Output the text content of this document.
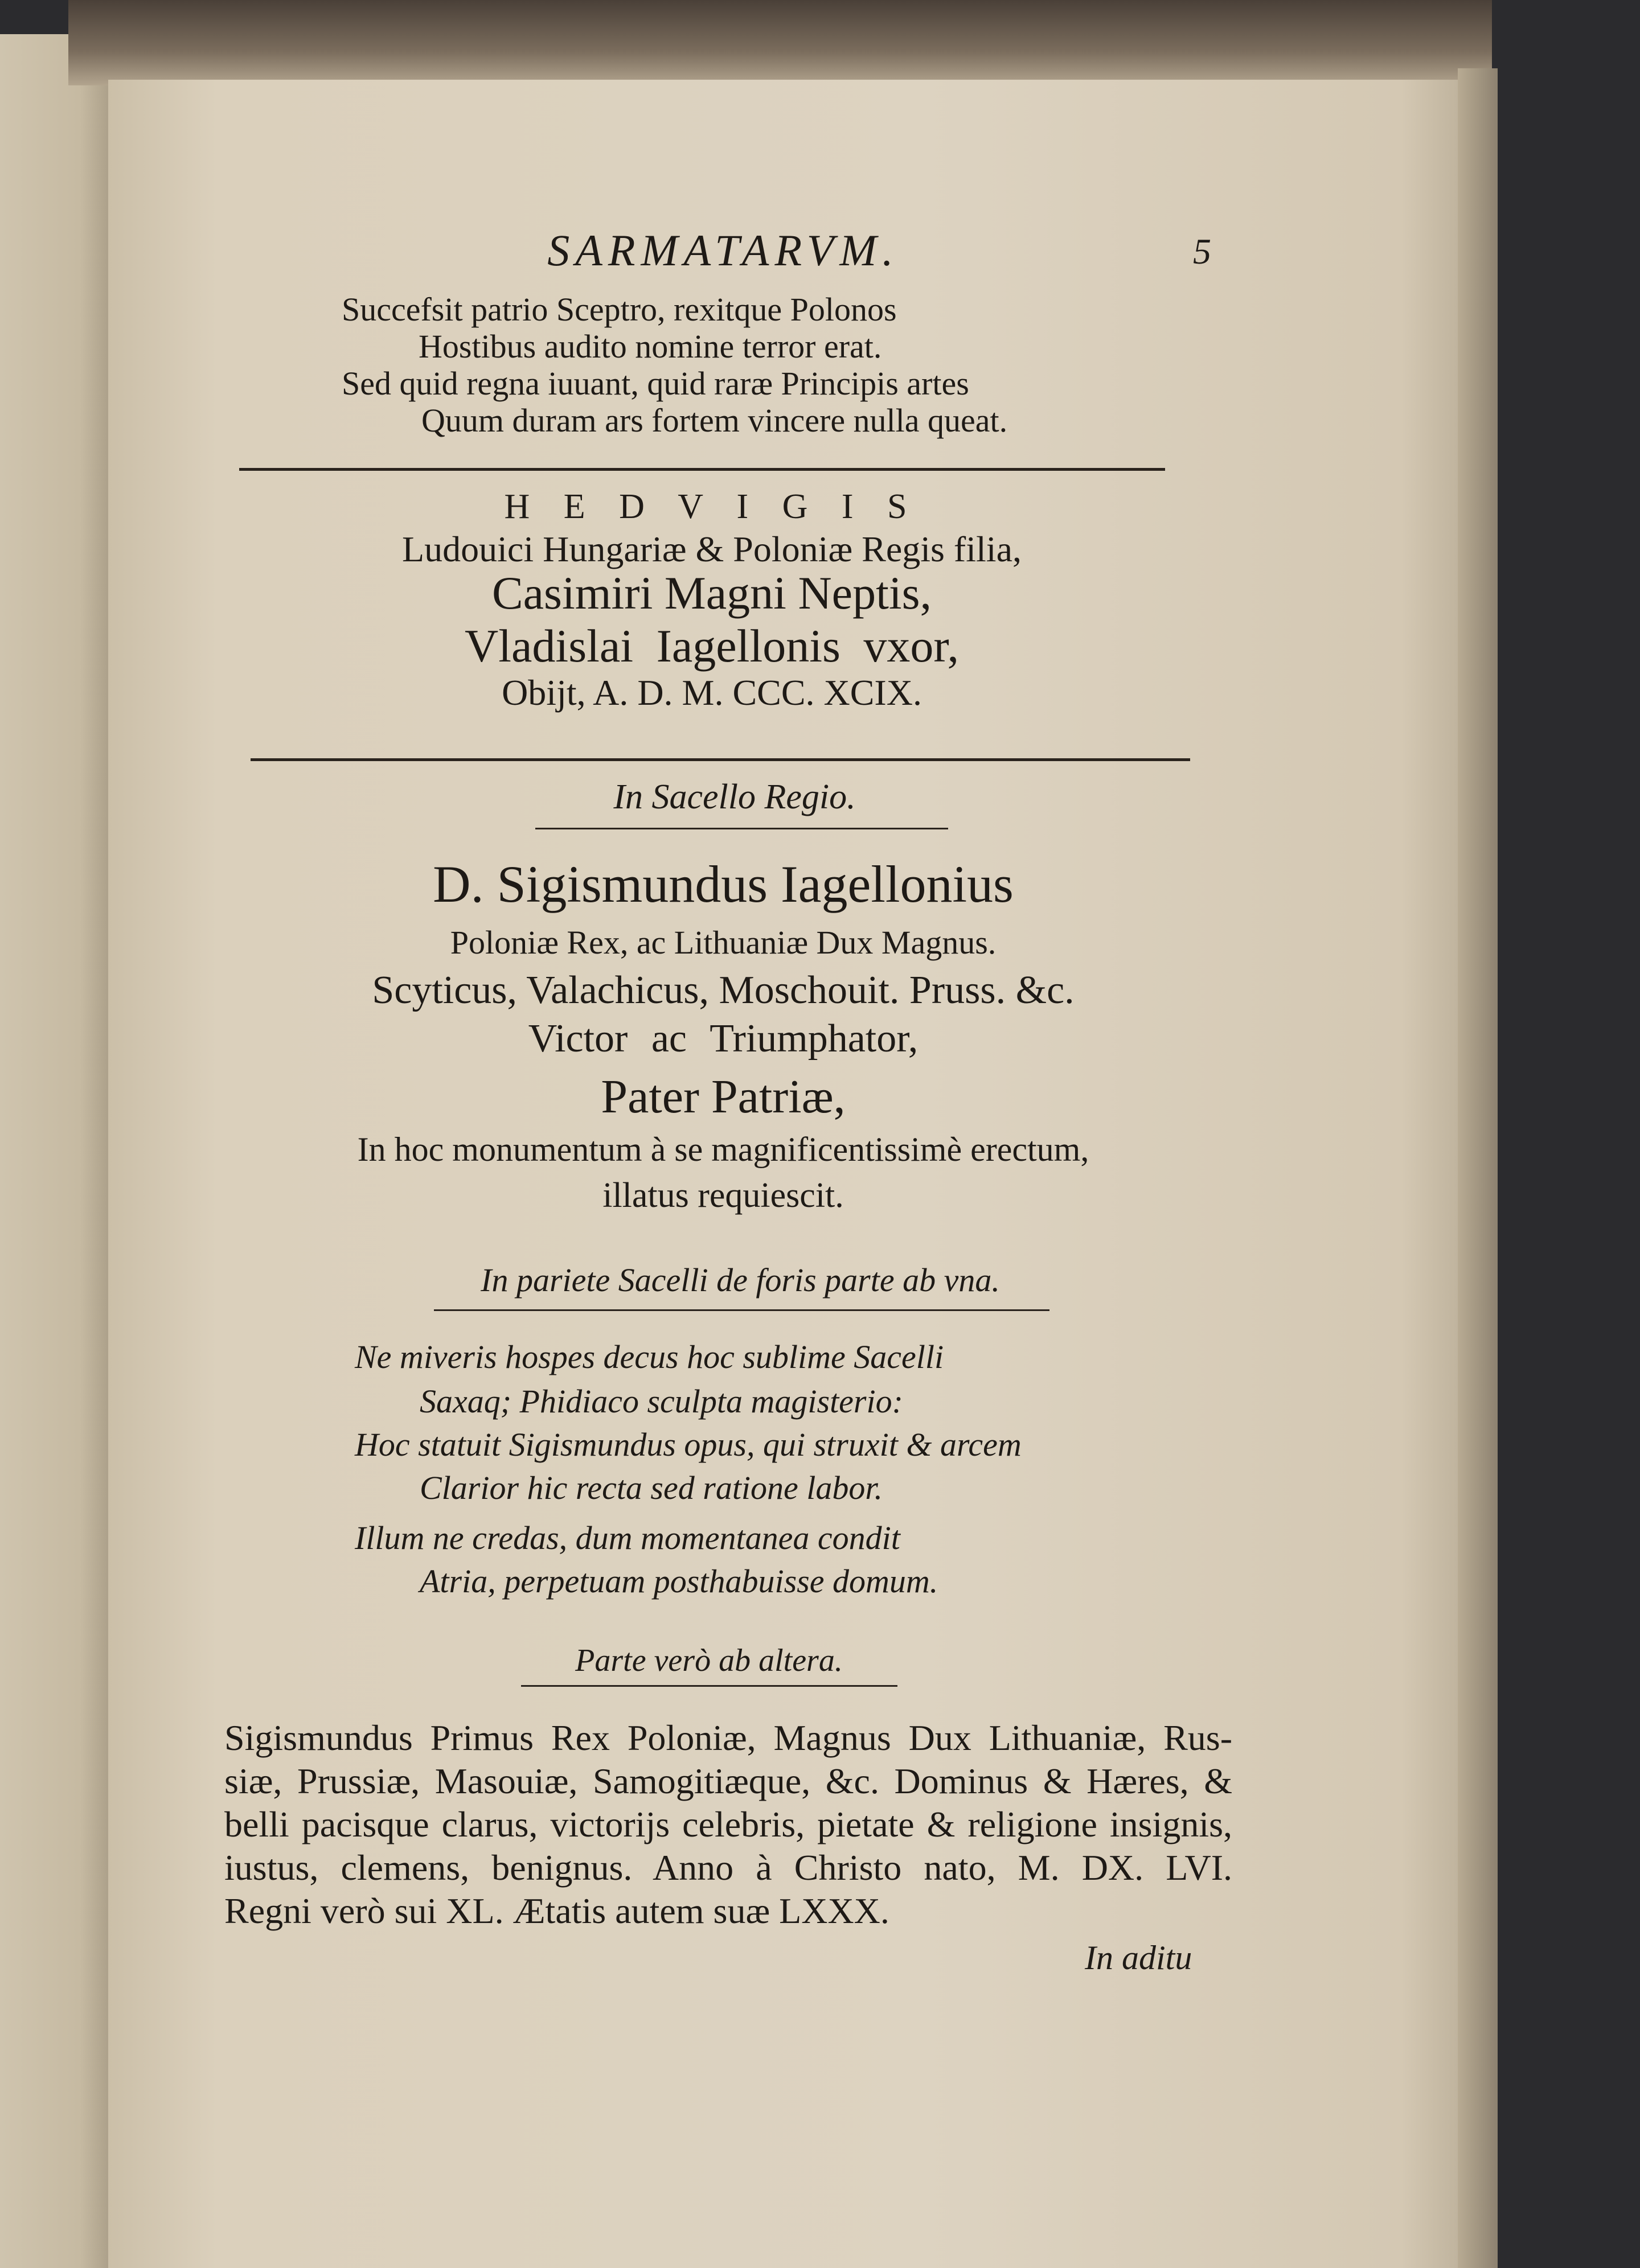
SARMATARVM.	5
Succefsit patrio Sceptro, rexitque Polonos
Hostibus audito nomine terror erat.
Sed quid regna iuuant, quid raræ Principis artes
Quum duram ars fortem vincere nulla queat.
H E D V I G I S
Ludouici Hungariæ & Poloniæ Regis filia,
Casimiri Magni Neptis,
Vladislai Iagellonis vxor,
Obijt, A. D. M. CCC. XCIX.
In Sacello Regio.
D. Sigismundus Iagellonius
Poloniæ Rex, ac Lithuaniæ Dux Magnus.
Scyticus, Valachicus, Moschouit. Pruss. &c.
Victor ac Triumphator,
Pater Patriæ,
In hoc monumentum à se magnificentissimè erectum,
illatus requiescit.
In pariete Sacelli de foris parte ab vna.
Ne miveris hospes decus hoc sublime Sacelli
Saxaq; Phidiaco sculpta magisterio:
Hoc statuit Sigismundus opus, qui struxit & arcem
Clarior hic recta sed ratione labor.
Illum ne credas, dum momentanea condit
Atria, perpetuam posthabuisse domum.
Parte verò ab altera.
Sigismundus Primus Rex Poloniæ, Magnus Dux Lithuaniæ, Rus-
siæ, Prussiæ, Masouiæ, Samogitiæque, &c. Dominus & Hæres, &
belli pacisque clarus, victorijs celebris, pietate & religione insignis,
iustus, clemens, benignus. Anno à Christo nato, M. DX. LVI.
Regni verò sui XL. Ætatis autem suæ LXXX.
In aditu
